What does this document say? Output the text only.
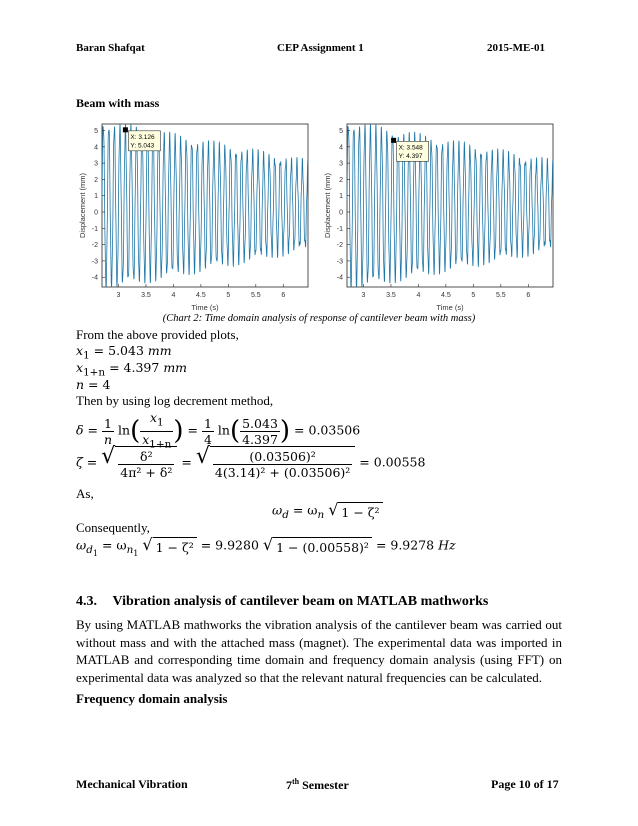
Baran Shafqat	CEP Assignment 1	2015-ME-01
Beam with mass
3	3.5	4	4.5	5	5.5	6
5
4
3
2
1
0
-1
-2
-3
-4
Time (s)
Displacement (mm)
X: 3.126
Y: 5.043
3	3.5	4	4.5	5	5.5	6
5
4
3
2
1
0
-1
-2
-3
-4
Time (s)
Displacement (mm)
X: 3.548
Y: 4.397
(Chart 2: Time domain analysis of response of cantilever beam with mass)
From the above provided plots,
$x_1 = 5.043$ mm
$x_{1+n} = 4.397$ mm
n = 4
Then by using log decrement method,
$\delta = \frac{1}{n} \ln( \frac{x_1}{x_{1+n}}$ ) = $\frac{1}{4} \ln( \frac{5.043}{4.397}$ ) = 0.03506
ζ = √ $\frac{\text{δ²}}{\text{4π² + δ²}}$ = √ $\frac{\text{(0.03506)²}}{\text{4(3.14)² + (0.03506)²}} = 0.00558$
As,
$\omega_d = \omega_n$ √ 1 − ζ²
Consequently,
$\omega_{d_1} = \omega_{n_1}$ √ 1 − ζ² = 9.9280 √ 1 − (0.00558)² = 9.9278 Hz
4.3. Vibration analysis of cantilever beam on MATLAB mathworks
By using MATLAB mathworks the vibration analysis of the cantilever beam was carried out
without mass and with the attached mass (magnet). The experimental data was imported in
MATLAB and corresponding time domain and frequency domain analysis (using FFT) on
experimental data was analyzed so that the relevant natural frequencies can be calculated.
Frequency domain analysis
Mechanical Vibration	7th Semester	Page 10 of 17
